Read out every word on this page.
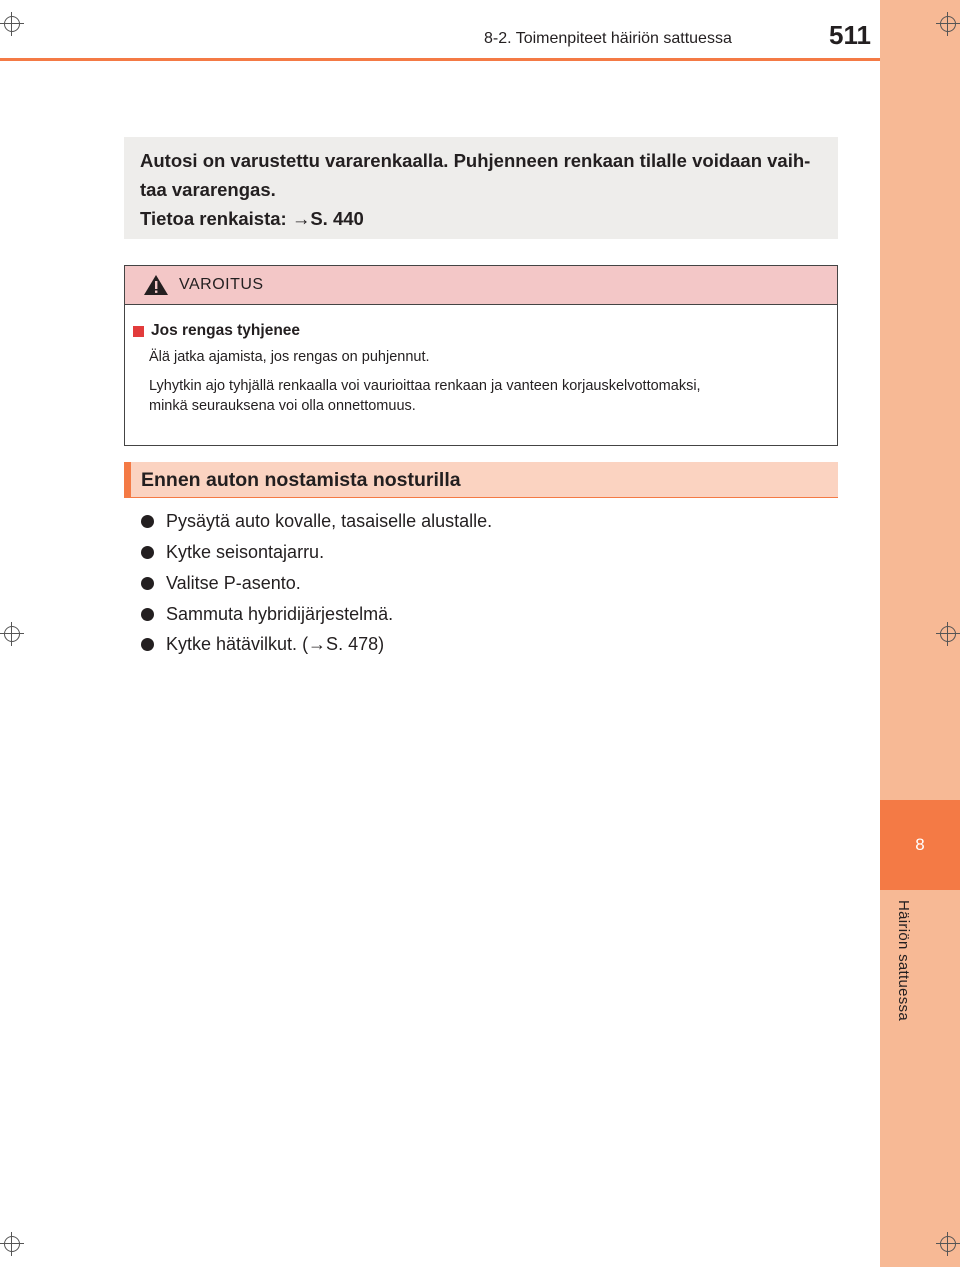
8
Häiriön sattuessa
8-2. Toimenpiteet häiriön sattuessa	511
Autosi on varustettu vararenkaalla. Puhjenneen renkaan tilalle voidaan vaih-
taa vararengas.
Tietoa renkaista: →S. 440
VAROITUS
Jos rengas tyhjenee
Älä jatka ajamista, jos rengas on puhjennut.
Lyhytkin ajo tyhjällä renkaalla voi vaurioittaa renkaan ja vanteen korjauskelvottomaksi,
minkä seurauksena voi olla onnettomuus.
Ennen auton nostamista nosturilla
Pysäytä auto kovalle, tasaiselle alustalle.
Kytke seisontajarru.
Valitse P-asento.
Sammuta hybridijärjestelmä.
Kytke hätävilkut. (→S. 478)
